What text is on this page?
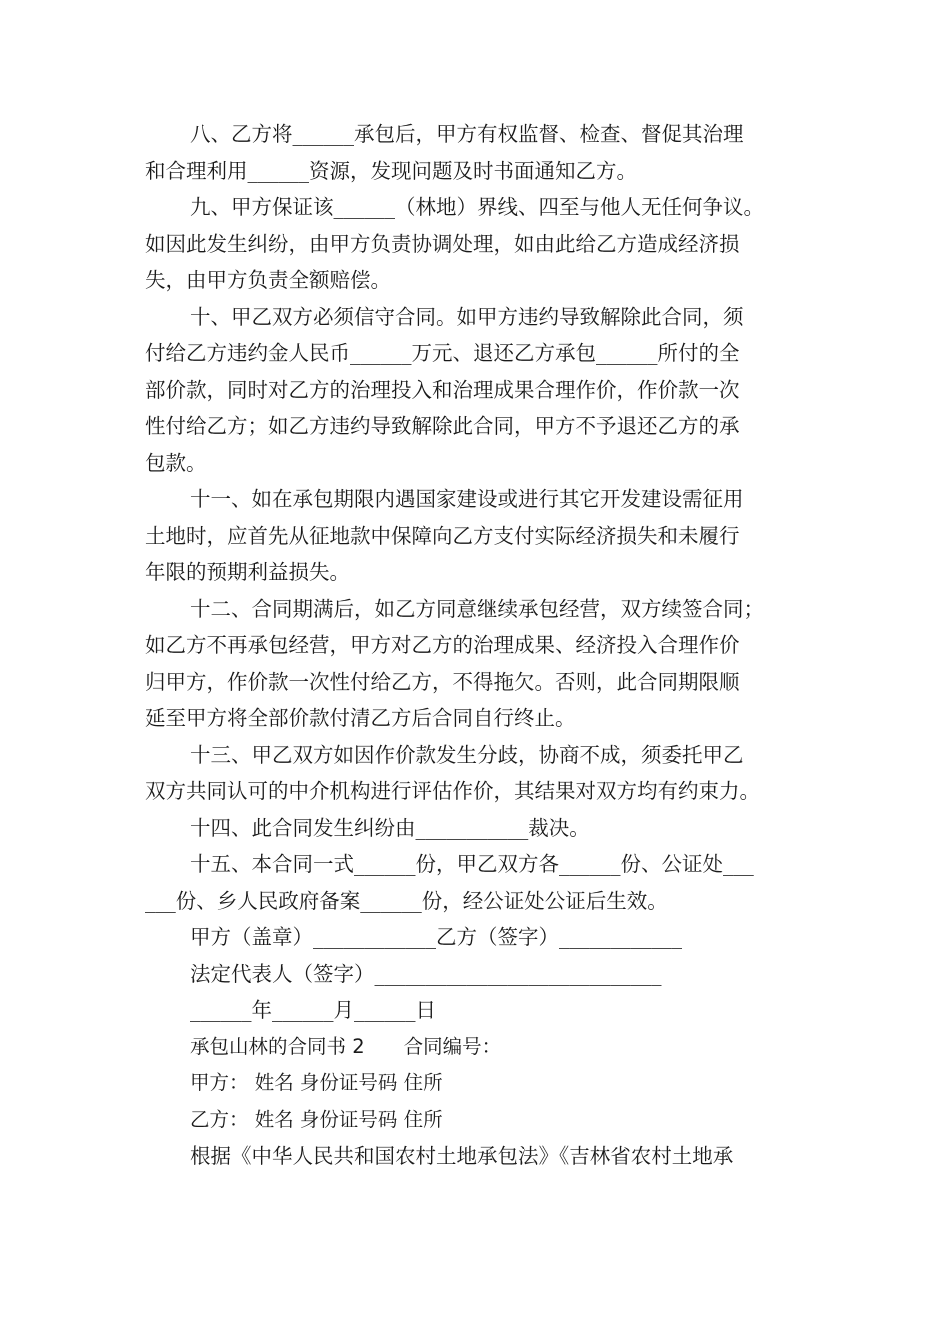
八、乙方将______承包后，甲方有权监督、检查、督促其治理
和合理利用______资源，发现问题及时书面通知乙方。
九、甲方保证该______（林地）界线、四至与他人无任何争议。
如因此发生纠纷，由甲方负责协调处理，如由此给乙方造成经济损
失，由甲方负责全额赔偿。
十、甲乙双方必须信守合同。如甲方违约导致解除此合同，须
付给乙方违约金人民币______万元、退还乙方承包______所付的全
部价款，同时对乙方的治理投入和治理成果合理作价，作价款一次
性付给乙方；如乙方违约导致解除此合同，甲方不予退还乙方的承
包款。
十一、如在承包期限内遇国家建设或进行其它开发建设需征用
土地时，应首先从征地款中保障向乙方支付实际经济损失和未履行
年限的预期利益损失。
十二、合同期满后，如乙方同意继续承包经营，双方续签合同；
如乙方不再承包经营，甲方对乙方的治理成果、经济投入合理作价
归甲方，作价款一次性付给乙方，不得拖欠。否则，此合同期限顺
延至甲方将全部价款付清乙方后合同自行终止。
十三、甲乙双方如因作价款发生分歧，协商不成，须委托甲乙
双方共同认可的中介机构进行评估作价，其结果对双方均有约束力。
十四、此合同发生纠纷由___________裁决。
十五、本合同一式______份，甲乙双方各______份、公证处___
___份、乡人民政府备案______份，经公证处公证后生效。
甲方（盖章）____________乙方（签字）____________
法定代表人（签字）____________________________
______年______月______日
承包山林的合同书 2　　合同编号：
甲方： 姓名 身份证号码 住所
乙方： 姓名 身份证号码 住所
根据《中华人民共和国农村土地承包法》《吉林省农村土地承
